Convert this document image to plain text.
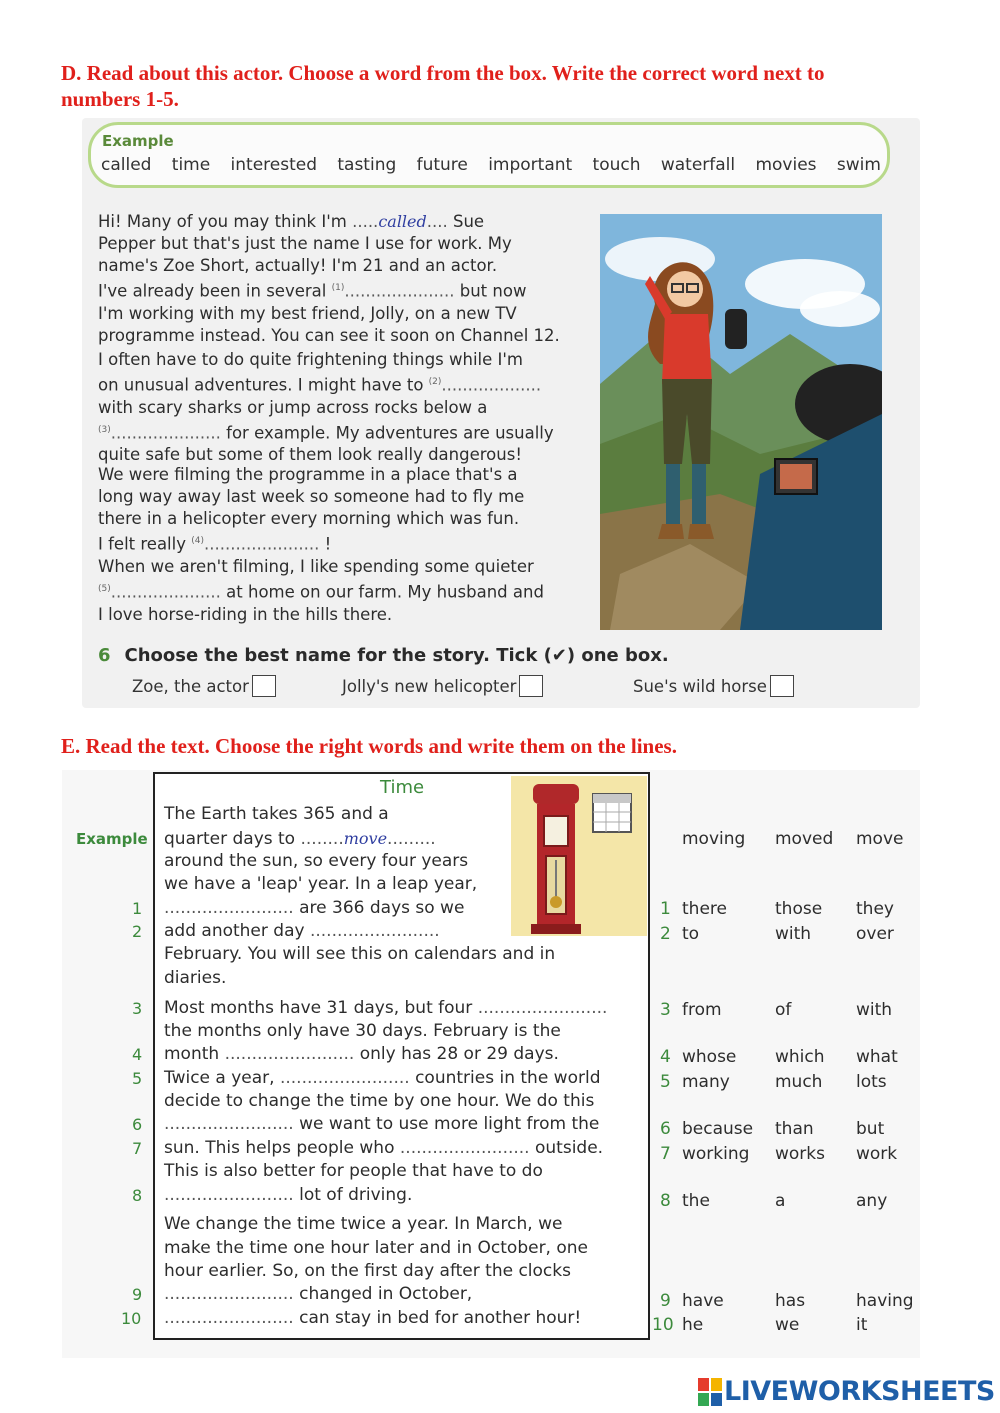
D. Read about this actor. Choose a word from the box. Write the correct word next to
numbers 1-5.
Example
called time interested tasting future important touch waterfall movies swim
Hi! Many of you may think I'm .....called.... Sue
Pepper but that's just the name I use for work. My
name's Zoe Short, actually! I'm 21 and an actor.
I've already been in several $^{(1)}$..................... but now
I'm working with my best friend, Jolly, on a new TV
programme instead. You can see it soon on Channel 12.
I often have to do quite frightening things while I'm
on unusual adventures. I might have to $^{(2)}$...................
with scary sharks or jump across rocks below a
$^{(3)}$..................... for example. My adventures are usually
quite safe but some of them look really dangerous!
We were filming the programme in a place that's a
long way away last week so someone had to fly me
there in a helicopter every morning which was fun.
I felt really $^{(4)}$...................... !
When we aren't filming, I like spending some quieter
$^{(5)}$..................... at home on our farm. My husband and
I love horse-riding in the hills there.
6 Choose the best name for the story. Tick (✔) one box.
Zoe, the actor	Jolly's new helicopter	Sue's wild horse
E. Read the text. Choose the right words and write them on the lines.
Time
The Earth takes 365 and a
quarter days to ........move.........
around the sun, so every four years
we have a 'leap' year. In a leap year,
........................ are 366 days so we
add another day ........................
February. You will see this on calendars and in
diaries.
Most months have 31 days, but four ........................
the months only have 30 days. February is the
month ........................ only has 28 or 29 days.
Twice a year, ........................ countries in the world
decide to change the time by one hour. We do this
........................ we want to use more light from the
sun. This helps people who ........................ outside.
This is also better for people that have to do
........................ lot of driving.
We change the time twice a year. In March, we
make the time one hour later and in October, one
hour earlier. So, on the first day after the clocks
........................ changed in October,
........................ can stay in bed for another hour!
Example
1
2
3
4
5
6
7
8
9
10
moving moved move
1 there	those they
2 to	with	over
3 from	of	with
4 whose which what
5 many	much lots
6 because than but
7 working works work
8 the	a	any
9 have	has	having
10 he	we	it
LIVEWORKSHEETS
